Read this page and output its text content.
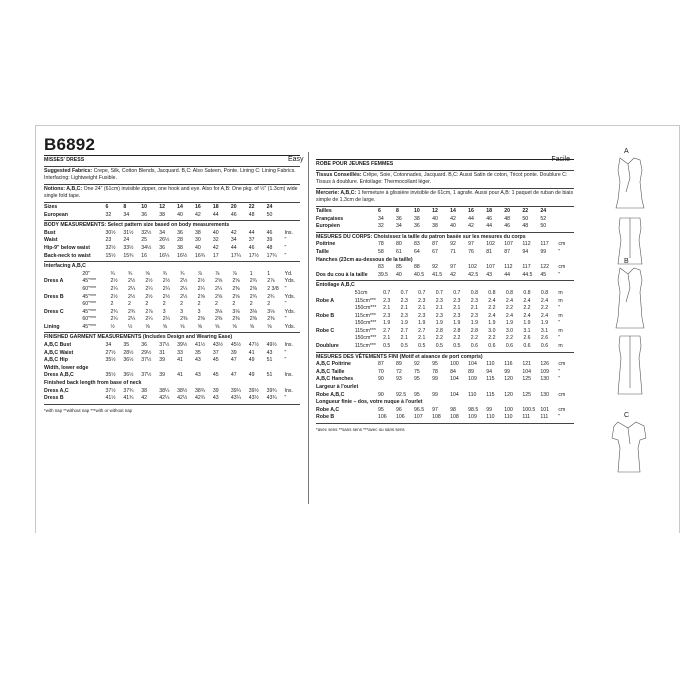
B6892
Easy
MISSES' DRESS

Suggested Fabrics: Crepe, Silk, Cotton Blends, Jacquard. B,C: Also Sateen, Ponte. Lining C: Lining Fabrics. Interfacing: Lightweight Fusible.

Notions: A,B,C: One 24" (61cm) invisible zipper, one hook and eye. Also for A,B: One pkg. of ½" (1.3cm) wide single fold tape.

Sizes	6	8	10	12	14	16	18	20	22	24	
European	32	34	36	38	40	42	44	46	48	50	
BODY MEASUREMENTS: Select pattern size based on body measurements
Bust	30½	31½	32½	34	36	38	40	42	44	46	Ins.
Waist	23	24	25	26½	28	30	32	34	37	39	"
Hip-9" below waist	32½	33½	34½	36	38	40	42	44	46	48	"
Back-neck to waist	15½	15¾	16	16¼	16½	16¾	17	17¼	17½	17¾	"
Interfacing A,B,C
	20"	¾	¾	⅝	¾	¾	⅞	⅞	⅞	1	1	Yd.
Dress A	45"***	2½	2½	2½	2½	2½	2½	2⅝	2⅝	2¾	2⅞	Yds.
	60"***	2¼	2¼	2¼	2¼	2¼	2¼	2¼	2⅜	2⅜	2 3/8	"
Dress B	45"***	2½	2½	2½	2½	2½	2⅝	2⅝	2⅝	2¾	2¾	Yds.
	60"***	2	2	2	2	2	2	2	2	2	2	"
Dress C	45"***	2¾	2¾	2⅞	3	3	3	3⅛	3⅛	3⅛	3⅛	Yds.
	60"***	2¼	2¼	2¼	2¼	2⅜	2⅜	2⅜	2⅜	2⅜	2⅜	"
Lining	45"***	½	½	⅝	⅝	⅝	⅝	⅝	⅝	⅝	⅝	Yds.
FINISHED GARMENT MEASUREMENTS (Includes Design and Wearing Ease)
A,B,C Bust	34	35	36	37½	39½	41½	43½	45½	47½	49½	Ins.
A,B,C Waist	27½	28½	29½	31	33	35	37	39	41	43	"
A,B,C Hip	35½	36½	37½	39	41	43	45	47	49	51	"
Width, lower edge											
Dress A,B,C	35½	36½	37½	39	41	43	45	47	49	51	Ins.
Finished back length from base of neck											
Dress A,C	37½	37¾	38	38¼	38½	38¾	39	39¼	39½	39¾	Ins.
Dress B	41½	41¾	42	42¼	42½	42¾	43	43¼	43½	43¾	"
*with nap **without nap ***with or without nap
Facile
ROBE POUR JEUNES FEMMES

Tissus Conseillés: Crêpe, Soie, Cotonnades, Jacquard. B,C: Aussi Satin de coton, Tricot ponte. Doublure C: Tissus à doublure. Entoilage: Thermocollant léger.

Mercerie: A,B,C: 1 fermeture à glissière invisible de 61cm, 1 agrafe. Aussi pour A,B: 1 paquet de ruban de biais simple de 1.3cm de large.

Tailles	6	8	10	12	14	16	18	20	22	24	
Françaises	34	36	38	40	42	44	46	48	50	52	
Européen	32	34	36	38	40	42	44	46	48	50	
MESURES DU CORPS: Choisissez la taille du patron basée sur les mesures du corps
Poitrine	78	80	83	87	92	97	102	107	112	117	cm
Taille	58	61	64	67	71	76	81	87	94	99	"
Hanches (23cm au-dessous de la taille)											
	83	85	88	92	97	102	107	112	117	122	cm
Dos du cou à la taille	39.5	40	40.5	41.5	42	42.5	43	44	44.5	45	"
Entoilage A,B,C
	51cm	0.7	0.7	0.7	0.7	0.7	0.8	0.8	0.8	0.8	0.8	m
Robe A	115cm***	2.3	2.3	2.3	2.3	2.3	2.3	2.4	2.4	2.4	2.4	m
	150cm***	2.1	2.1	2.1	2.1	2.1	2.1	2.2	2.2	2.2	2.2	"
Robe B	115cm***	2.3	2.3	2.3	2.3	2.3	2.3	2.4	2.4	2.4	2.4	m
	150cm***	1.9	1.9	1.9	1.9	1.9	1.9	1.9	1.9	1.9	1.9	"
Robe C	115cm***	2.7	2.7	2.7	2.8	2.8	2.8	3.0	3.0	3.1	3.1	m
	150cm***	2.1	2.1	2.1	2.2	2.2	2.2	2.2	2.2	2.6	2.6	"
Doublure	115cm***	0.5	0.5	0.5	0.5	0.5	0.6	0.6	0.6	0.6	0.6	m
MESURES DES VÊTEMENTS FINI (Motif et aisance de port compris)
A,B,C Poitrine	87	89	92	95	100	104	110	116	121	126	cm
A,B,C Taille	70	72	75	78	84	89	94	99	104	109	"
A,B,C Hanches	90	93	95	99	104	109	115	120	125	130	"
Largeur à l'ourlet											
Robe A,B,C	90	92.5	95	99	104	110	115	120	125	130	cm
Longueur finie – dos, votre nuque à l'ourlet											
Robe A,C	95	96	96.5	97	98	98.5	99	100	100.5	101	cm
Robe B	106	106	107	108	108	109	110	110	111	111	"
*avec sens **sans sens ***avec ou sans sens
A
B
C
